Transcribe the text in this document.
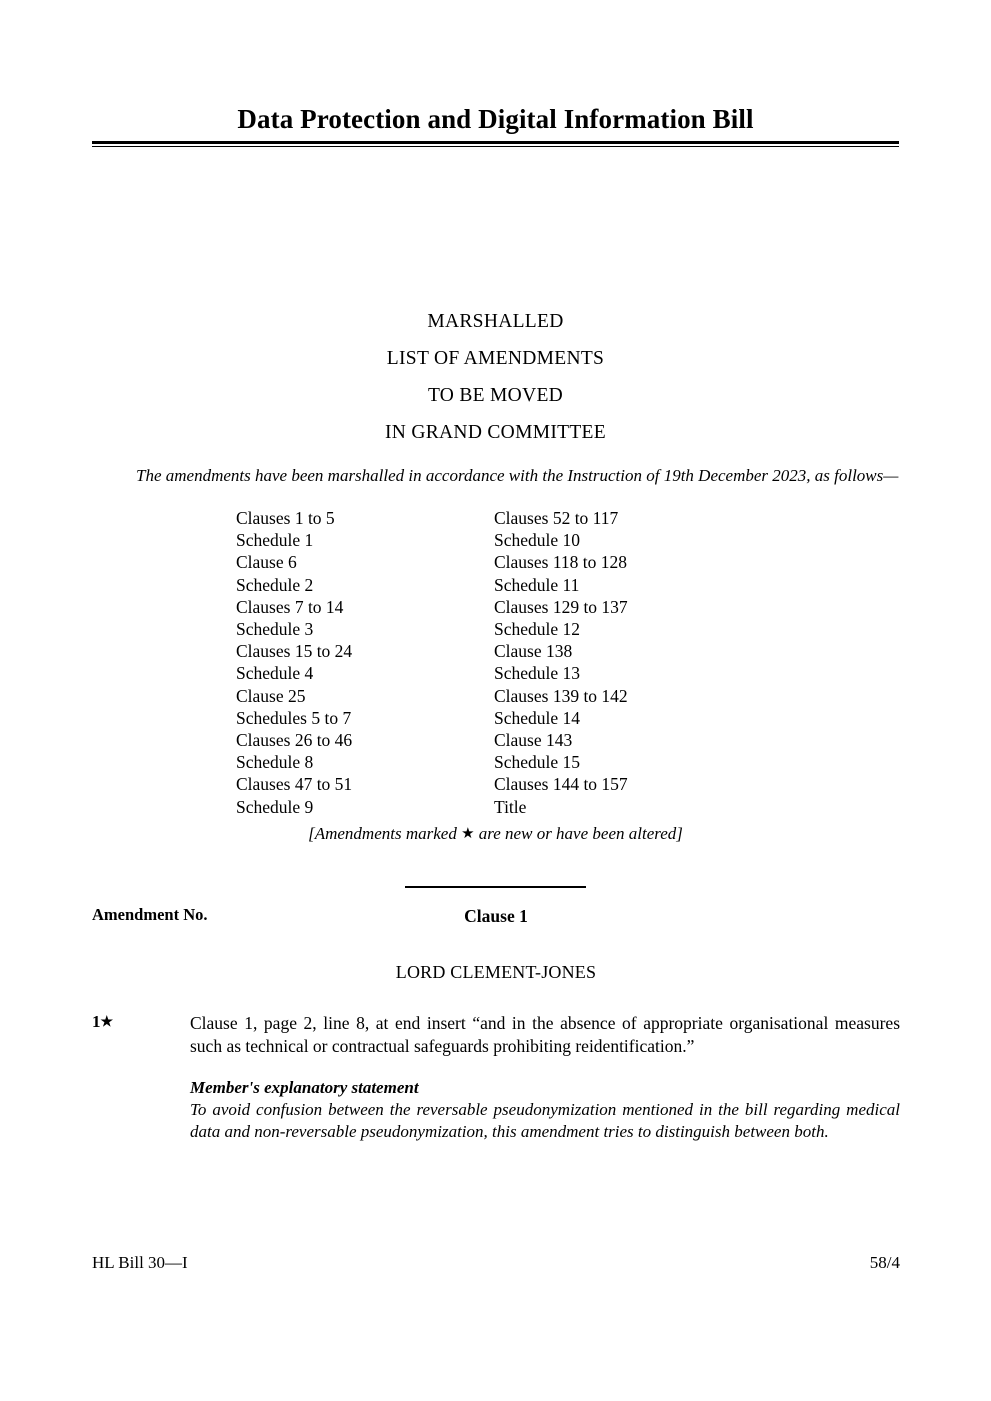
Data Protection and Digital Information Bill
MARSHALLED
LIST OF AMENDMENTS
TO BE MOVED
IN GRAND COMMITTEE
The amendments have been marshalled in accordance with the Instruction of 19th December 2023, as follows—
Clauses 1 to 5	Clauses 52 to 117
Schedule 1	Schedule 10
Clause 6	Clauses 118 to 128
Schedule 2	Schedule 11
Clauses 7 to 14	Clauses 129 to 137
Schedule 3	Schedule 12
Clauses 15 to 24	Clause 138
Schedule 4	Schedule 13
Clause 25	Clauses 139 to 142
Schedules 5 to 7	Schedule 14
Clauses 26 to 46	Clause 143
Schedule 8	Schedule 15
Clauses 47 to 51	Clauses 144 to 157
Schedule 9	Title
[Amendments marked ★ are new or have been altered]
Amendment No.	Clause 1
LORD CLEMENT-JONES
1★	Clause 1, page 2, line 8, at end insert “and in the absence of appropriate organisational measures such as technical or contractual safeguards prohibiting reidentification.”
Member's explanatory statement
To avoid confusion between the reversable pseudonymization mentioned in the bill regarding medical data and non-reversable pseudonymization, this amendment tries to distinguish between both.
HL Bill 30—I	58/4
